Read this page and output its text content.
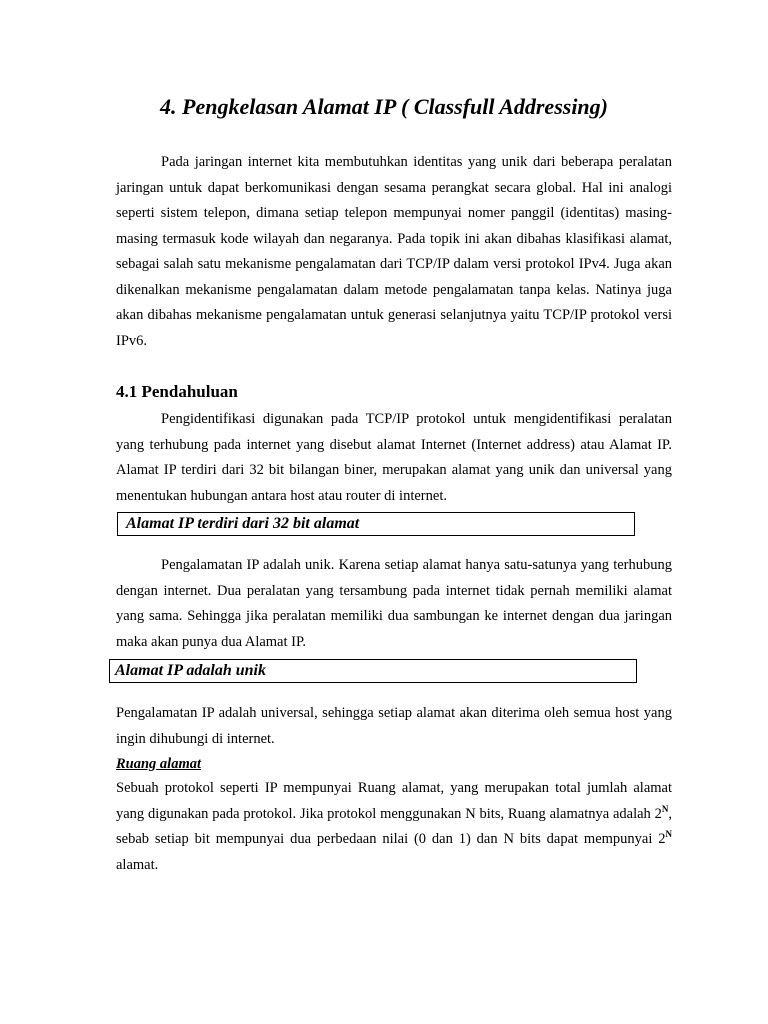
4. Pengkelasan Alamat IP ( Classfull Addressing)

Pada jaringan internet kita membutuhkan identitas yang unik dari beberapa peralatan jaringan untuk dapat berkomunikasi dengan sesama perangkat secara global. Hal ini analogi seperti sistem telepon, dimana setiap telepon mempunyai nomer panggil (identitas) masing-masing termasuk kode wilayah dan negaranya. Pada topik ini akan dibahas klasifikasi alamat, sebagai salah satu mekanisme pengalamatan dari TCP/IP dalam versi protokol IPv4. Juga akan dikenalkan mekanisme pengalamatan dalam metode pengalamatan tanpa kelas. Natinya juga akan dibahas mekanisme pengalamatan untuk generasi selanjutnya yaitu TCP/IP protokol versi IPv6.

4.1 Pendahuluan

Pengidentifikasi digunakan pada TCP/IP protokol untuk mengidentifikasi peralatan yang terhubung pada internet yang disebut alamat Internet (Internet address) atau Alamat IP. Alamat IP terdiri dari 32 bit bilangan biner, merupakan alamat yang unik dan universal yang menentukan hubungan antara host atau router di internet.

Alamat IP terdiri dari 32 bit alamat

Pengalamatan IP adalah unik. Karena setiap alamat hanya satu-satunya yang terhubung dengan internet. Dua peralatan yang tersambung pada internet tidak pernah memiliki alamat yang sama. Sehingga jika peralatan memiliki dua sambungan ke internet dengan dua jaringan maka akan punya dua Alamat IP.

Alamat IP adalah unik

Pengalamatan IP adalah universal, sehingga setiap alamat akan diterima oleh semua host yang ingin dihubungi di internet.

Ruang alamat

Sebuah protokol seperti IP mempunyai Ruang alamat, yang merupakan total jumlah alamat yang digunakan pada protokol. Jika protokol menggunakan N bits, Ruang alamatnya adalah $2^N$, sebab setiap bit mempunyai dua perbedaan nilai (0 dan 1) dan N bits dapat mempunyai $2^N$ alamat.
